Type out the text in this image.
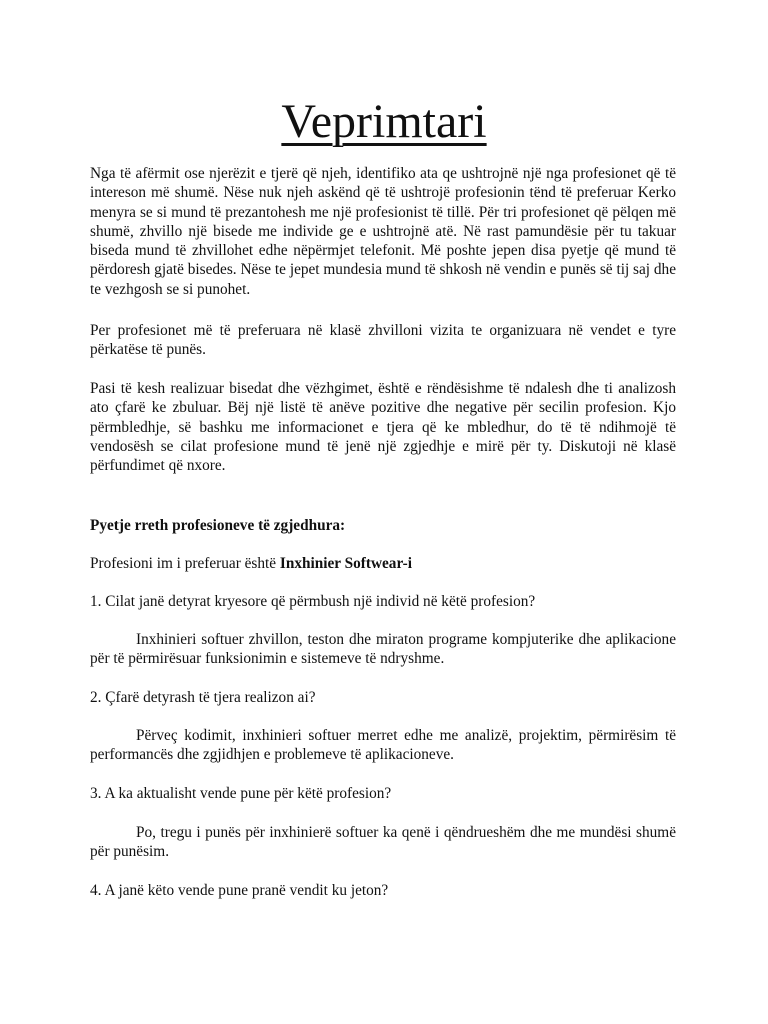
Veprimtari

Nga të afërmit ose njerëzit e tjerë që njeh, identifiko ata qe ushtrojnë një nga profesionet që të intereson më shumë. Nëse nuk njeh askënd që të ushtrojë profesionin tënd të preferuar Kerko menyra se si mund të prezantohesh me një profesionist të tillë. Për tri profesionet që pëlqen më shumë, zhvillo një bisede me individe ge e ushtrojnë atë. Në rast pamundësie për tu takuar biseda mund të zhvillohet edhe nëpërmjet telefonit. Më poshte jepen disa pyetje që mund të përdoresh gjatë bisedes. Nëse te jepet mundesia mund të shkosh në vendin e punës së tij saj dhe te vezhgosh se si punohet.

Per profesionet më të preferuara në klasë zhvilloni vizita te organizuara në vendet e tyre përkatëse të punës.

Pasi të kesh realizuar bisedat dhe vëzhgimet, është e rëndësishme të ndalesh dhe ti analizosh ato çfarë ke zbuluar. Bëj një listë të anëve pozitive dhe negative për secilin profesion. Kjo përmbledhje, së bashku me informacionet e tjera që ke mbledhur, do të të ndihmojë të vendosësh se cilat profesione mund të jenë një zgjedhje e mirë për ty. Diskutoji në klasë përfundimet që nxore.

Pyetje rreth profesioneve të zgjedhura:

Profesioni im i preferuar është Inxhinier Softwear-i

1. Cilat janë detyrat kryesore që përmbush një individ në këtë profesion?

Inxhinieri softuer zhvillon, teston dhe miraton programe kompjuterike dhe aplikacione për të përmirësuar funksionimin e sistemeve të ndryshme.

2. Çfarë detyrash të tjera realizon ai?

Përveç kodimit, inxhinieri softuer merret edhe me analizë, projektim, përmirësim të performancës dhe zgjidhjen e problemeve të aplikacioneve.

3. A ka aktualisht vende pune për këtë profesion?

Po, tregu i punës për inxhinierë softuer ka qenë i qëndrueshëm dhe me mundësi shumë për punësim.

4. A janë këto vende pune pranë vendit ku jeton?
